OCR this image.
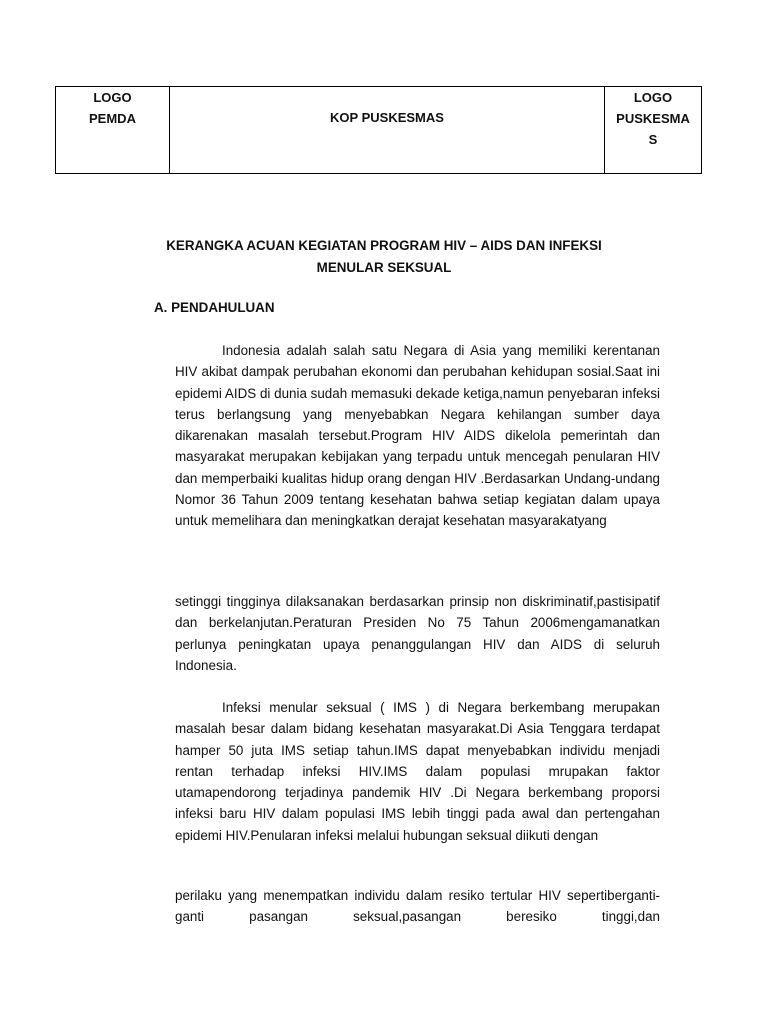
LOGO
PEMDA	KOP PUSKESMAS
LOGO
PUSKESMA
S
KERANGKA ACUAN KEGIATAN PROGRAM HIV – AIDS DAN INFEKSI
MENULAR SEKSUAL
A. PENDAHULUAN

Indonesia adalah salah satu Negara di Asia yang memiliki kerentanan HIV akibat dampak perubahan ekonomi dan perubahan kehidupan sosial.Saat ini epidemi AIDS di dunia sudah memasuki dekade ketiga,namun penyebaran infeksi terus berlangsung yang menyebabkan Negara kehilangan sumber daya dikarenakan masalah tersebut.Program HIV AIDS dikelola pemerintah dan masyarakat merupakan kebijakan yang terpadu untuk mencegah penularan HIV dan memperbaiki kualitas hidup orang dengan HIV .Berdasarkan Undang-undang Nomor 36 Tahun 2009 tentang kesehatan bahwa setiap kegiatan dalam upaya untuk memelihara dan meningkatkan derajat kesehatan masyarakatyang

setinggi tingginya dilaksanakan berdasarkan prinsip non diskriminatif,pastisipatif dan berkelanjutan.Peraturan Presiden No 75 Tahun 2006mengamanatkan perlunya peningkatan upaya penanggulangan HIV dan AIDS di seluruh Indonesia.

Infeksi menular seksual ( IMS ) di Negara berkembang merupakan masalah besar dalam bidang kesehatan masyarakat.Di Asia Tenggara terdapat hamper 50 juta IMS setiap tahun.IMS dapat menyebabkan individu menjadi rentan terhadap infeksi HIV.IMS dalam populasi mrupakan faktor utamapendorong terjadinya pandemik HIV .Di Negara berkembang proporsi infeksi baru HIV dalam populasi IMS lebih tinggi pada awal dan pertengahan epidemi HIV.Penularan infeksi melalui hubungan seksual diikuti dengan

perilaku yang menempatkan individu dalam resiko tertular HIV sepertiberganti-ganti pasangan seksual,pasangan beresiko tinggi,dan
